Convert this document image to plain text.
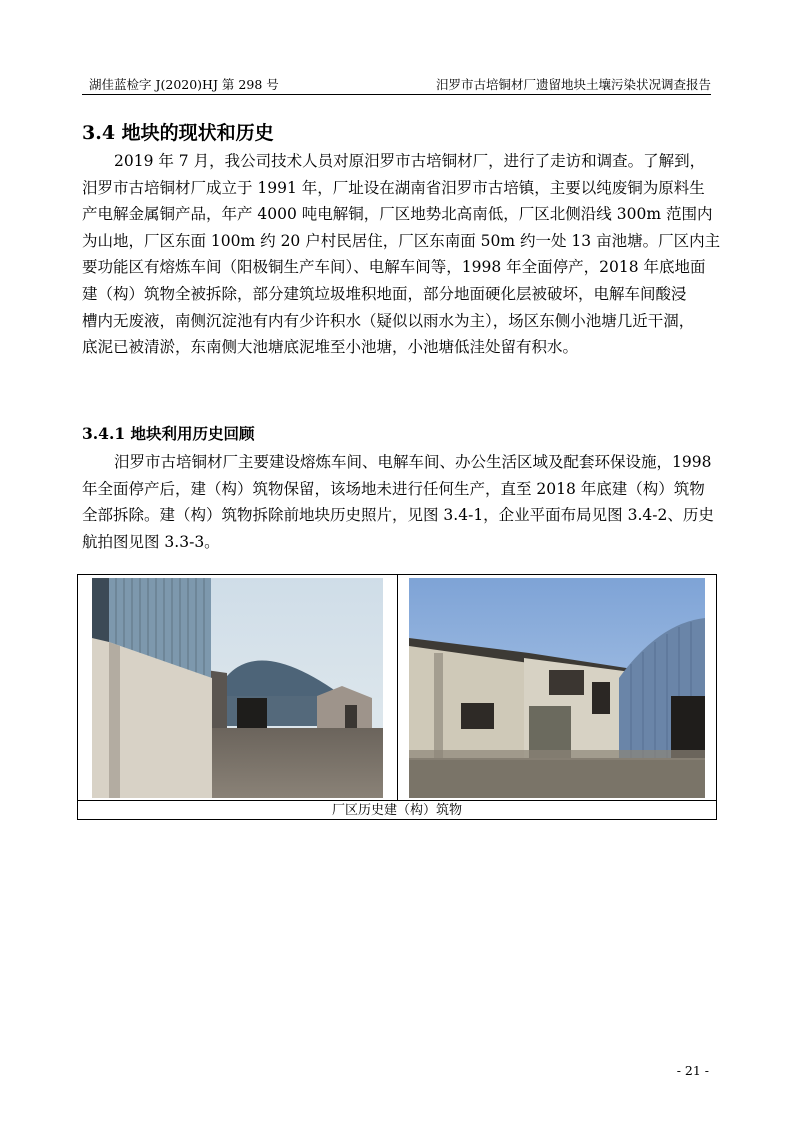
湖佳蓝检字 J(2020)HJ 第 298 号	汨罗市古培铜材厂遗留地块土壤污染状况调查报告
3.4 地块的现状和历史

2019 年 7 月，我公司技术人员对原汨罗市古培铜材厂，进行了走访和调查。了解到，

汨罗市古培铜材厂成立于 1991 年，厂址设在湖南省汨罗市古培镇，主要以纯废铜为原料生

产电解金属铜产品，年产 4000 吨电解铜，厂区地势北高南低，厂区北侧沿线 300m 范围内

为山地，厂区东面 100m 约 20 户村民居住，厂区东南面 50m 约一处 13 亩池塘。厂区内主

要功能区有熔炼车间（阳极铜生产车间）、电解车间等，1998 年全面停产，2018 年底地面

建（构）筑物全被拆除，部分建筑垃圾堆积地面，部分地面硬化层被破坏，电解车间酸浸

槽内无废液，南侧沉淀池有内有少许积水（疑似以雨水为主），场区东侧小池塘几近干涸，

底泥已被清淤，东南侧大池塘底泥堆至小池塘，小池塘低洼处留有积水。

3.4.1 地块利用历史回顾

汨罗市古培铜材厂主要建设熔炼车间、电解车间、办公生活区域及配套环保设施，1998

年全面停产后，建（构）筑物保留，该场地未进行任何生产，直至 2018 年底建（构）筑物

全部拆除。建（构）筑物拆除前地块历史照片，见图 3.4-1，企业平面布局见图 3.4-2、历史

航拍图见图 3.3-3。

厂区历史建（构）筑物
- 21 -
